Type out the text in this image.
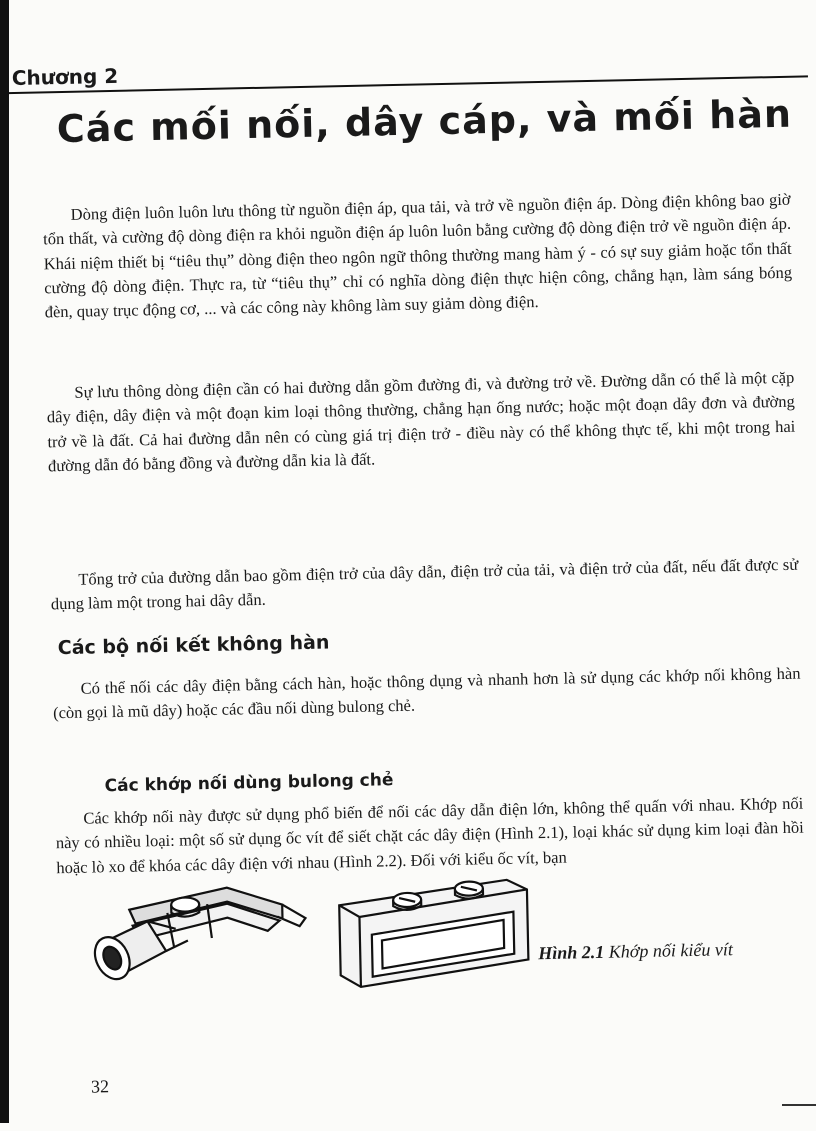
Chương 2
Các mối nối, dây cáp, và mối hàn

Dòng điện luôn luôn lưu thông từ nguồn điện áp, qua tải, và trở về nguồn điện áp. Dòng điện không bao giờ tổn thất, và cường độ dòng điện ra khỏi nguồn điện áp luôn luôn bằng cường độ dòng điện trở về nguồn điện áp. Khái niệm thiết bị “tiêu thụ” dòng điện theo ngôn ngữ thông thường mang hàm ý - có sự suy giảm hoặc tổn thất cường độ dòng điện. Thực ra, từ “tiêu thụ” chỉ có nghĩa dòng điện thực hiện công, chẳng hạn, làm sáng bóng đèn, quay trục động cơ, ... và các công này không làm suy giảm dòng điện.

Sự lưu thông dòng điện cần có hai đường dẫn gồm đường đi, và đường trở về. Đường dẫn có thể là một cặp dây điện, dây điện và một đoạn kim loại thông thường, chẳng hạn ống nước; hoặc một đoạn dây đơn và đường trở về là đất. Cả hai đường dẫn nên có cùng giá trị điện trở - điều này có thể không thực tế, khi một trong hai đường dẫn đó bằng đồng và đường dẫn kia là đất.

Tổng trở của đường dẫn bao gồm điện trở của dây dẫn, điện trở của tải, và điện trở của đất, nếu đất được sử dụng làm một trong hai dây dẫn.

Các bộ nối kết không hàn

Có thể nối các dây điện bằng cách hàn, hoặc thông dụng và nhanh hơn là sử dụng các khớp nối không hàn (còn gọi là mũ dây) hoặc các đầu nối dùng bulong chẻ.

Các khớp nối dùng bulong chẻ

Các khớp nối này được sử dụng phổ biến để nối các dây dẫn điện lớn, không thể quấn với nhau. Khớp nối này có nhiều loại: một số sử dụng ốc vít để siết chặt các dây điện (Hình 2.1), loại khác sử dụng kim loại đàn hồi hoặc lò xo để khóa các dây điện với nhau (Hình 2.2). Đối với kiểu ốc vít, bạn

Hình 2.1 Khớp nối kiểu vít
32
